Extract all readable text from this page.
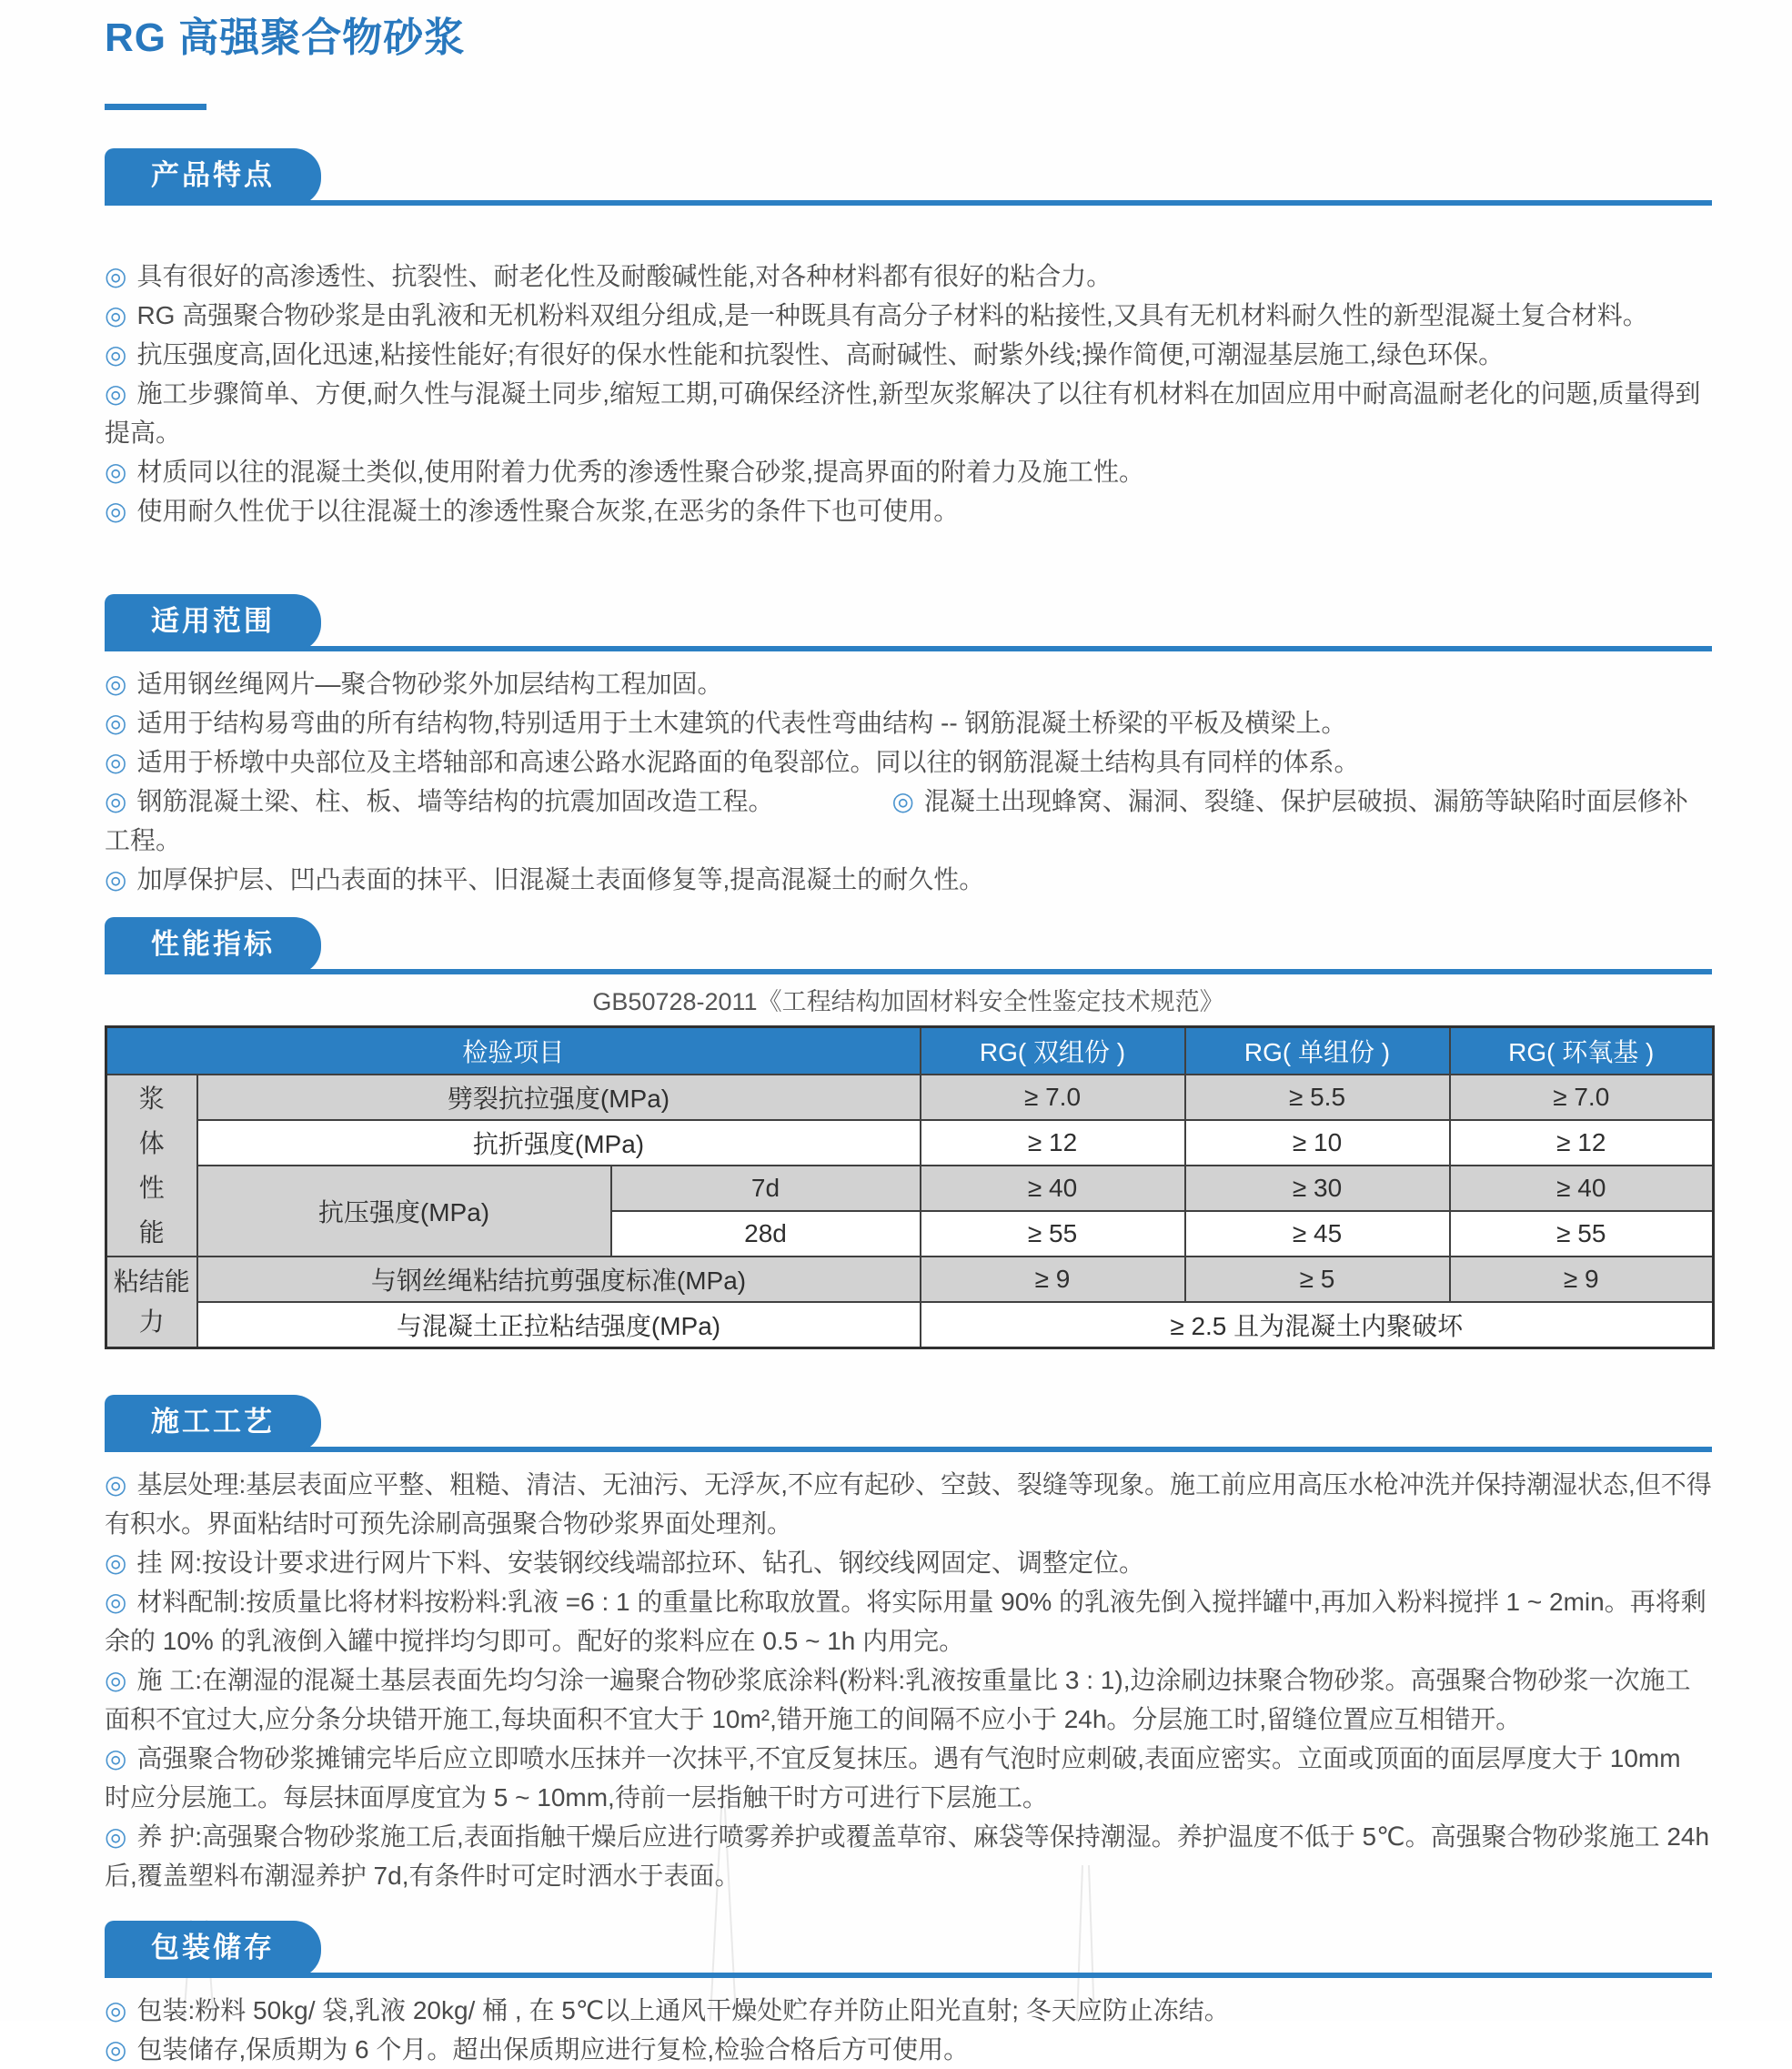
RG 高强聚合物砂浆
产品特点

◎ 具有很好的高渗透性、抗裂性、耐老化性及耐酸碱性能,对各种材料都有很好的粘合力。

◎ RG 高强聚合物砂浆是由乳液和无机粉料双组分组成,是一种既具有高分子材料的粘接性,又具有无机材料耐久性的新型混凝土复合材料。

◎ 抗压强度高,固化迅速,粘接性能好;有很好的保水性能和抗裂性、高耐碱性、耐紫外线;操作简便,可潮湿基层施工,绿色环保。

◎ 施工步骤简单、方便,耐久性与混凝土同步,缩短工期,可确保经济性,新型灰浆解决了以往有机材料在加固应用中耐高温耐老化的问题,质量得到提高。

◎ 材质同以往的混凝土类似,使用附着力优秀的渗透性聚合砂浆,提高界面的附着力及施工性。

◎ 使用耐久性优于以往混凝土的渗透性聚合灰浆,在恶劣的条件下也可使用。

适用范围

◎ 适用钢丝绳网片—聚合物砂浆外加层结构工程加固。

◎ 适用于结构易弯曲的所有结构物,特别适用于土木建筑的代表性弯曲结构 -- 钢筋混凝土桥梁的平板及横梁上。

◎ 适用于桥墩中央部位及主塔轴部和高速公路水泥路面的龟裂部位。同以往的钢筋混凝土结构具有同样的体系。

◎ 钢筋混凝土梁、柱、板、墙等结构的抗震加固改造工程。	◎ 混凝土出现蜂窝、漏洞、裂缝、保护层破损、漏筋等缺陷时面层修补工程。

◎ 加厚保护层、凹凸表面的抹平、旧混凝土表面修复等,提高混凝土的耐久性。

性能指标

GB50728-2011《工程结构加固材料安全性鉴定技术规范》

检验项目			RG( 双组份 )	RG( 单组份 )	RG( 环氧基 )
浆体性能	劈裂抗拉强度(MPa)		≥ 7.0	≥ 5.5	≥ 7.0
	抗折强度(MPa)		≥ 12	≥ 10	≥ 12
	抗压强度(MPa)	7d	≥ 40	≥ 30	≥ 40
		28d	≥ 55	≥ 45	≥ 55
粘结能力	与钢丝绳粘结抗剪强度标准(MPa)		≥ 9	≥ 5	≥ 9
	与混凝土正拉粘结强度(MPa)		≥ 2.5 且为混凝土内聚破坏		
施工工艺

◎ 基层处理:基层表面应平整、粗糙、清洁、无油污、无浮灰,不应有起砂、空鼓、裂缝等现象。施工前应用高压水枪冲洗并保持潮湿状态,但不得有积水。界面粘结时可预先涂刷高强聚合物砂浆界面处理剂。

◎ 挂 网:按设计要求进行网片下料、安装钢绞线端部拉环、钻孔、钢绞线网固定、调整定位。

◎ 材料配制:按质量比将材料按粉料:乳液 =6 : 1 的重量比称取放置。将实际用量 90% 的乳液先倒入搅拌罐中,再加入粉料搅拌 1 ~ 2min。再将剩余的 10% 的乳液倒入罐中搅拌均匀即可。配好的浆料应在 0.5 ~ 1h 内用完。

◎ 施 工:在潮湿的混凝土基层表面先均匀涂一遍聚合物砂浆底涂料(粉料:乳液按重量比 3 : 1),边涂刷边抹聚合物砂浆。高强聚合物砂浆一次施工面积不宜过大,应分条分块错开施工,每块面积不宜大于 10m²,错开施工的间隔不应小于 24h。分层施工时,留缝位置应互相错开。

◎ 高强聚合物砂浆摊铺完毕后应立即喷水压抹并一次抹平,不宜反复抹压。遇有气泡时应刺破,表面应密实。立面或顶面的面层厚度大于 10mm 时应分层施工。每层抹面厚度宜为 5 ~ 10mm,待前一层指触干时方可进行下层施工。

◎ 养 护:高强聚合物砂浆施工后,表面指触干燥后应进行喷雾养护或覆盖草帘、麻袋等保持潮湿。养护温度不低于 5℃。高强聚合物砂浆施工 24h 后,覆盖塑料布潮湿养护 7d,有条件时可定时洒水于表面。

包装储存

◎ 包装:粉料 50kg/ 袋,乳液 20kg/ 桶 , 在 5℃以上通风干燥处贮存并防止阳光直射; 冬天应防止冻结。

◎ 包装储存,保质期为 6 个月。超出保质期应进行复检,检验合格后方可使用。
